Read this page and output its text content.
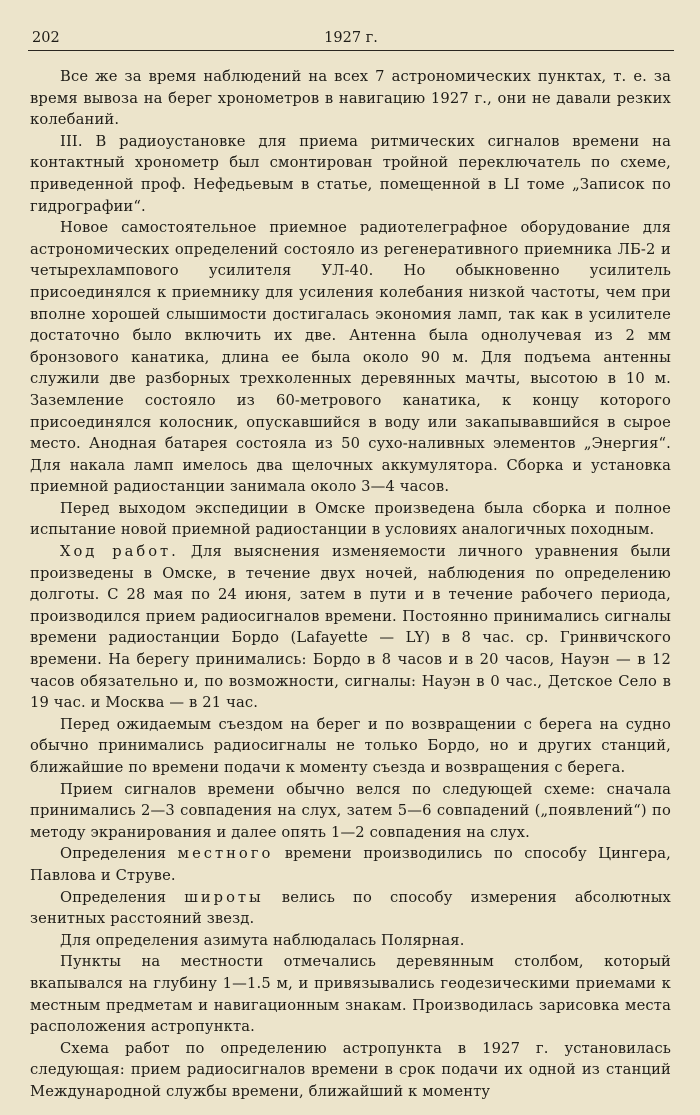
202	1927 г.

Все же за время наблюдений на всех 7 астрономических пунктах, т. е. за время вывоза на берег хронометров в навигацию 1927 г., они не давали резких колебаний.

III. В радиоустановке для приема ритмических сигналов времени на контактный хронометр был смонтирован тройной переключатель по схеме, приведенной проф. Нефедьевым в статье, помещенной в LI томе „Записок по гидрографии“.

Новое самостоятельное приемное радиотелеграфное оборудование для астрономических определений состояло из регенеративного приемника ЛБ-2 и четырехлампового усилителя УЛ-40. Но обыкновенно усилитель присоединялся к приемнику для усиления колебания низкой частоты, чем при вполне хорошей слышимости достигалась экономия ламп, так как в усилителе достаточно было включить их две. Антенна была однолучевая из 2 мм бронзового канатика, длина ее была около 90 м. Для подъема антенны служили две разборных трехколенных деревянных мачты, высотою в 10 м. Заземление состояло из 60-метрового канатика, к концу которого присоединялся колосник, опускавшийся в воду или закапывавшийся в сырое место. Анодная батарея состояла из 50 сухо-наливных элементов „Энергия“. Для накала ламп имелось два щелочных аккумулятора. Сборка и установка приемной радиостанции занимала около 3—4 часов.

Перед выходом экспедиции в Омске произведена была сборка и полное испытание новой приемной радиостанции в условиях аналогичных походным.

Ход работ. Для выяснения изменяемости личного уравнения были произведены в Омске, в течение двух ночей, наблюдения по определению долготы. С 28 мая по 24 июня, затем в пути и в течение рабочего периода, производился прием радиосигналов времени. Постоянно принимались сигналы времени радиостанции Бордо (Lafayette — LY) в 8 час. ср. Гринвичского времени. На берегу принимались: Бордо в 8 часов и в 20 часов, Науэн — в 12 часов обязательно и, по возможности, сигналы: Науэн в 0 час., Детское Село в 19 час. и Москва — в 21 час.

Перед ожидаемым съездом на берег и по возвращении с берега на судно обычно принимались радиосигналы не только Бордо, но и других станций, ближайшие по времени подачи к моменту съезда и возвращения с берега.

Прием сигналов времени обычно велся по следующей схеме: сначала принимались 2—3 совпадения на слух, затем 5—6 совпадений („появлений“) по методу экранирования и далее опять 1—2 совпадения на слух.

Определения местного времени производились по способу Цингера, Павлова и Струве.

Определения широты велись по способу измерения абсолютных зенитных расстояний звезд.

Для определения азимута наблюдалась Полярная.

Пункты на местности отмечались деревянным столбом, который вкапывался на глубину 1—1.5 м, и привязывались геодезическими приемами к местным предметам и навигационным знакам. Производилась зарисовка места расположения астропункта.

Схема работ по определению астропункта в 1927 г. установилась следующая: прием радиосигналов времени в срок подачи их одной из станций Международной службы времени, ближайший к моменту
